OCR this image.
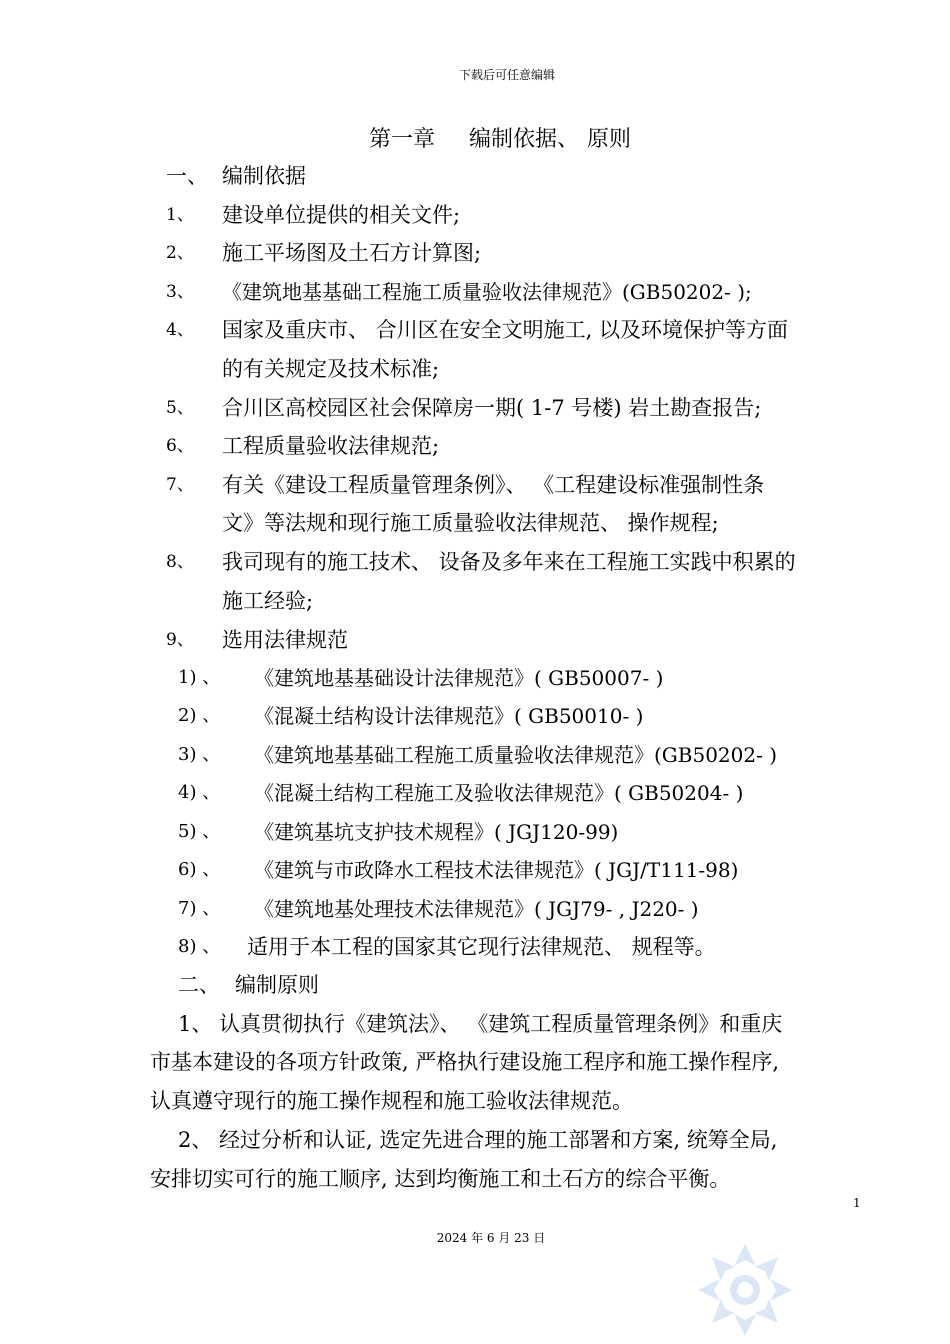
下载后可任意编辑
第一章 编制依据、 原则
一、 编制依据
1、 建设单位提供的相关文件;
2、 施工平场图及土石方计算图;
3、 《建筑地基基础工程施工质量验收法律规范》(GB50202- );
4、 国家及重庆市、 合川区在安全文明施工, 以及环境保护等方面
的有关规定及技术标准;
5、 合川区高校园区社会保障房一期( 1-7 号楼) 岩土勘查报告;
6、 工程质量验收法律规范;
7、 有关《建设工程质量管理条例》、 《工程建设标准强制性条
文》等法规和现行施工质量验收法律规范、 操作规程;
8、 我司现有的施工技术、 设备及多年来在工程施工实践中积累的
施工经验;
9、 选用法律规范
1) 、 《建筑地基基础设计法律规范》( GB50007- )
2) 、 《混凝土结构设计法律规范》( GB50010- )
3) 、 《建筑地基基础工程施工质量验收法律规范》(GB50202- )
4) 、 《混凝土结构工程施工及验收法律规范》( GB50204- )
5) 、 《建筑基坑支护技术规程》( JGJ120-99)
6) 、 《建筑与市政降水工程技术法律规范》( JGJ/T111-98)
7) 、 《建筑地基处理技术法律规范》( JGJ79- , J220- )
8) 、 适用于本工程的国家其它现行法律规范、 规程等。
二、 编制原则
1、 认真贯彻执行《建筑法》、 《建筑工程质量管理条例》和重庆
市基本建设的各项方针政策, 严格执行建设施工程序和施工操作程序,
认真遵守现行的施工操作规程和施工验收法律规范。
2、 经过分析和认证, 选定先进合理的施工部署和方案, 统筹全局,
安排切实可行的施工顺序, 达到均衡施工和土石方的综合平衡。
1
2024 年 6 月 23 日
